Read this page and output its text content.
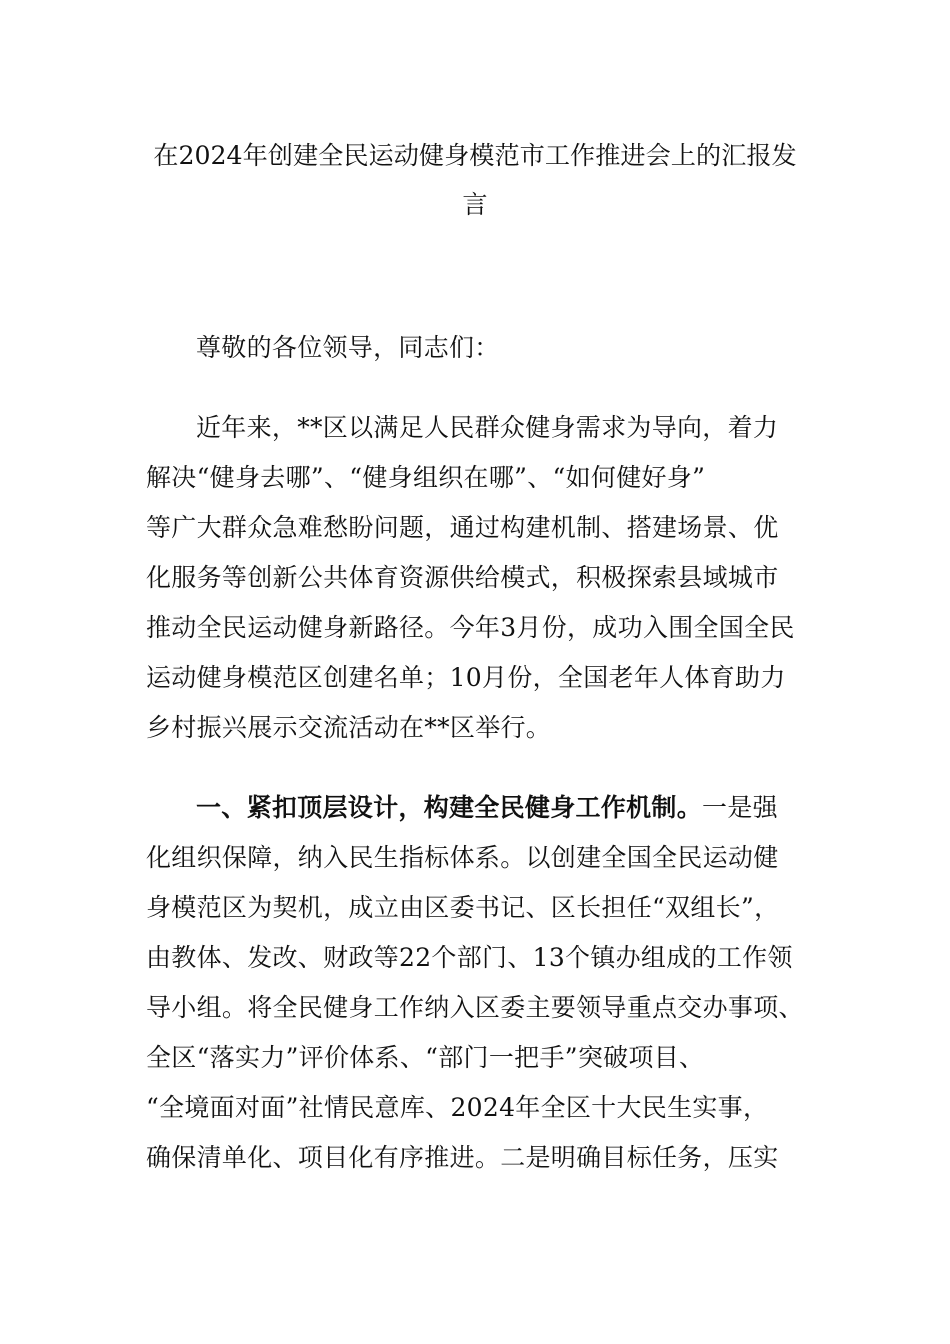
在2024年创建全民运动健身模范市工作推进会上的汇报发
言
尊敬的各位领导，同志们：
近年来，**区以满足人民群众健身需求为导向，着力
解决“健身去哪”、“健身组织在哪”、“如何健好身”
等广大群众急难愁盼问题，通过构建机制、搭建场景、优
化服务等创新公共体育资源供给模式，积极探索县域城市
推动全民运动健身新路径。今年3月份，成功入围全国全民
运动健身模范区创建名单；10月份，全国老年人体育助力
乡村振兴展示交流活动在**区举行。
一、紧扣顶层设计，构建全民健身工作机制。一是强
化组织保障，纳入民生指标体系。以创建全国全民运动健
身模范区为契机，成立由区委书记、区长担任“双组长”，
由教体、发改、财政等22个部门、13个镇办组成的工作领
导小组。将全民健身工作纳入区委主要领导重点交办事项、
全区“落实力”评价体系、“部门一把手”突破项目、
“全境面对面”社情民意库、2024年全区十大民生实事，
确保清单化、项目化有序推进。二是明确目标任务，压实
